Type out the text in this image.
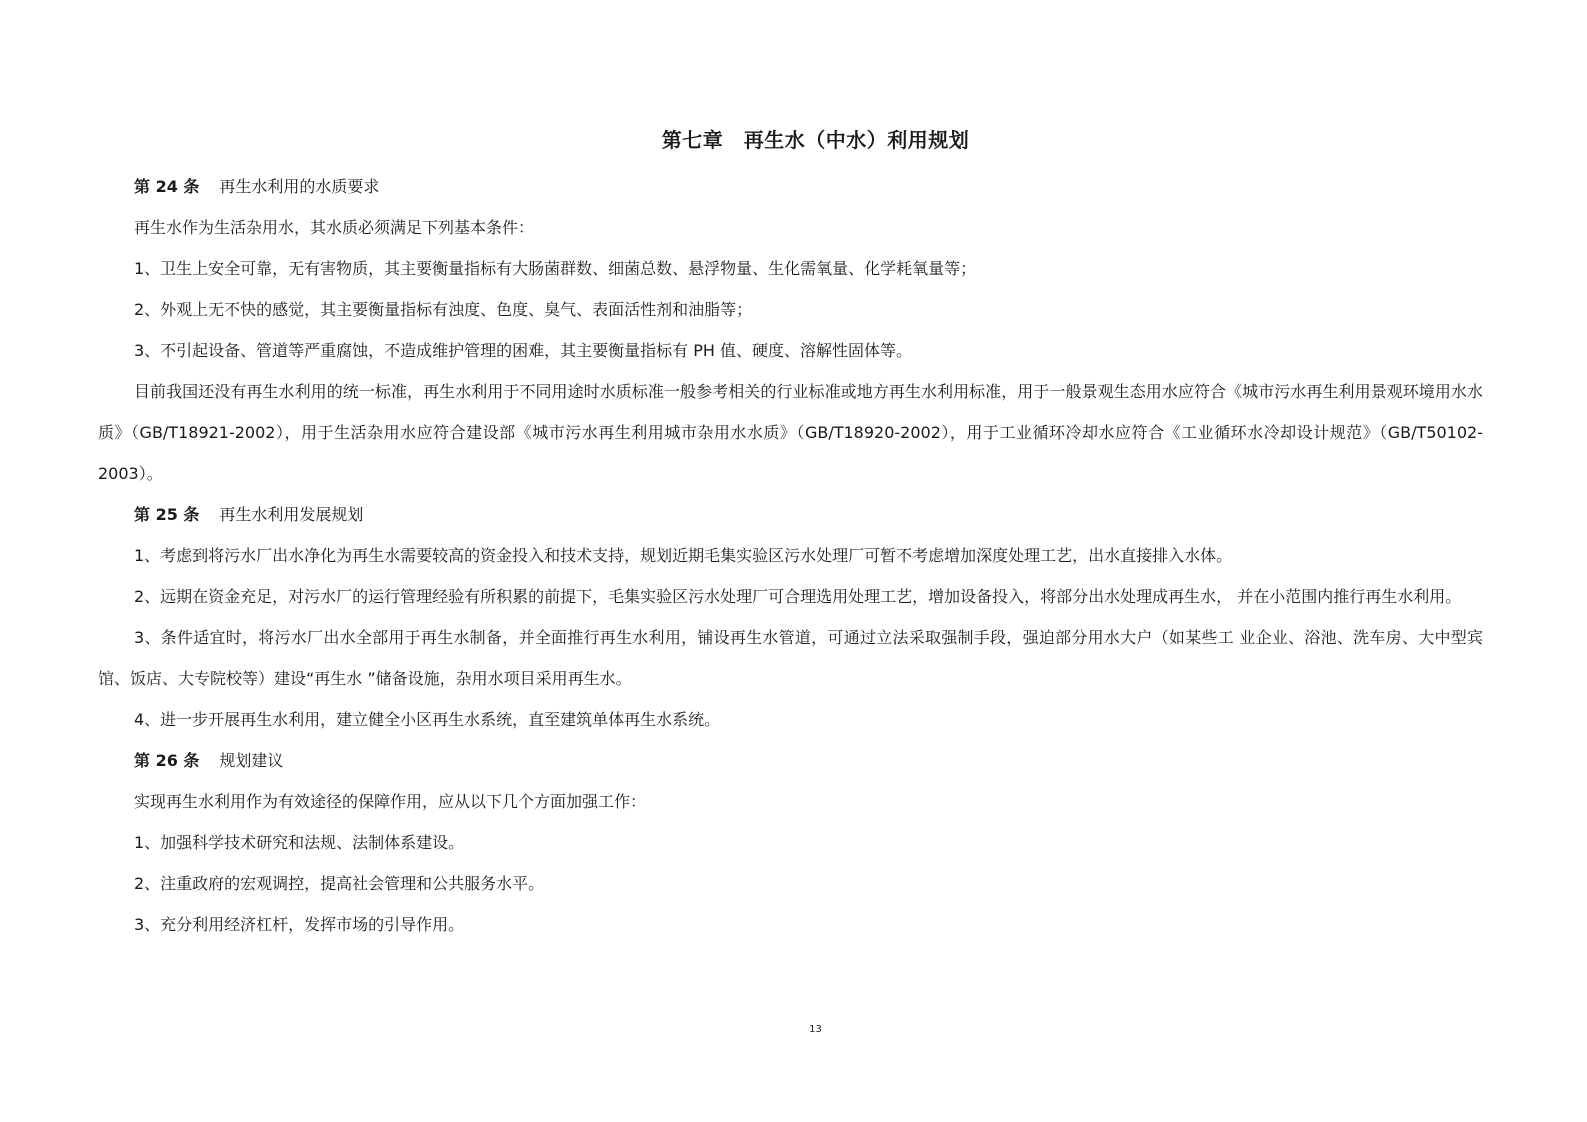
第七章　再生水（中水）利用规划
第 24 条 再生水利用的水质要求

再生水作为生活杂用水，其水质必须满足下列基本条件：

1、卫生上安全可靠，无有害物质，其主要衡量指标有大肠菌群数、细菌总数、悬浮物量、生化需氧量、化学耗氧量等；

2、外观上无不快的感觉，其主要衡量指标有浊度、色度、臭气、表面活性剂和油脂等；

3、不引起设备、管道等严重腐蚀，不造成维护管理的困难，其主要衡量指标有 PH 值、硬度、溶解性固体等。

目前我国还没有再生水利用的统一标准，再生水利用于不同用途时水质标准一般参考相关的行业标准或地方再生水利用标准，用于一般景观生态用水应符合《城市污水再生利用景观环境用水水质》（GB/T18921-2002），用于生活杂用水应符合建设部《城市污水再生利用城市杂用水水质》（GB/T18920-2002），用于工业循环冷却水应符合《工业循环水冷却设计规范》（GB/T50102-2003）。

第 25 条 再生水利用发展规划

1、考虑到将污水厂出水净化为再生水需要较高的资金投入和技术支持，规划近期毛集实验区污水处理厂可暂不考虑增加深度处理工艺，出水直接排入水体。

2、远期在资金充足，对污水厂的运行管理经验有所积累的前提下，毛集实验区污水处理厂可合理选用处理工艺，增加设备投入，将部分出水处理成再生水， 并在小范围内推行再生水利用。

3、条件适宜时，将污水厂出水全部用于再生水制备，并全面推行再生水利用，铺设再生水管道，可通过立法采取强制手段，强迫部分用水大户（如某些工 业企业、浴池、洗车房、大中型宾馆、饭店、大专院校等）建设“再生水 ”储备设施，杂用水项目采用再生水。

4、进一步开展再生水利用，建立健全小区再生水系统，直至建筑单体再生水系统。

第 26 条 规划建议

实现再生水利用作为有效途径的保障作用，应从以下几个方面加强工作：

1、加强科学技术研究和法规、法制体系建设。

2、注重政府的宏观调控，提高社会管理和公共服务水平。

3、充分利用经济杠杆，发挥市场的引导作用。

13
